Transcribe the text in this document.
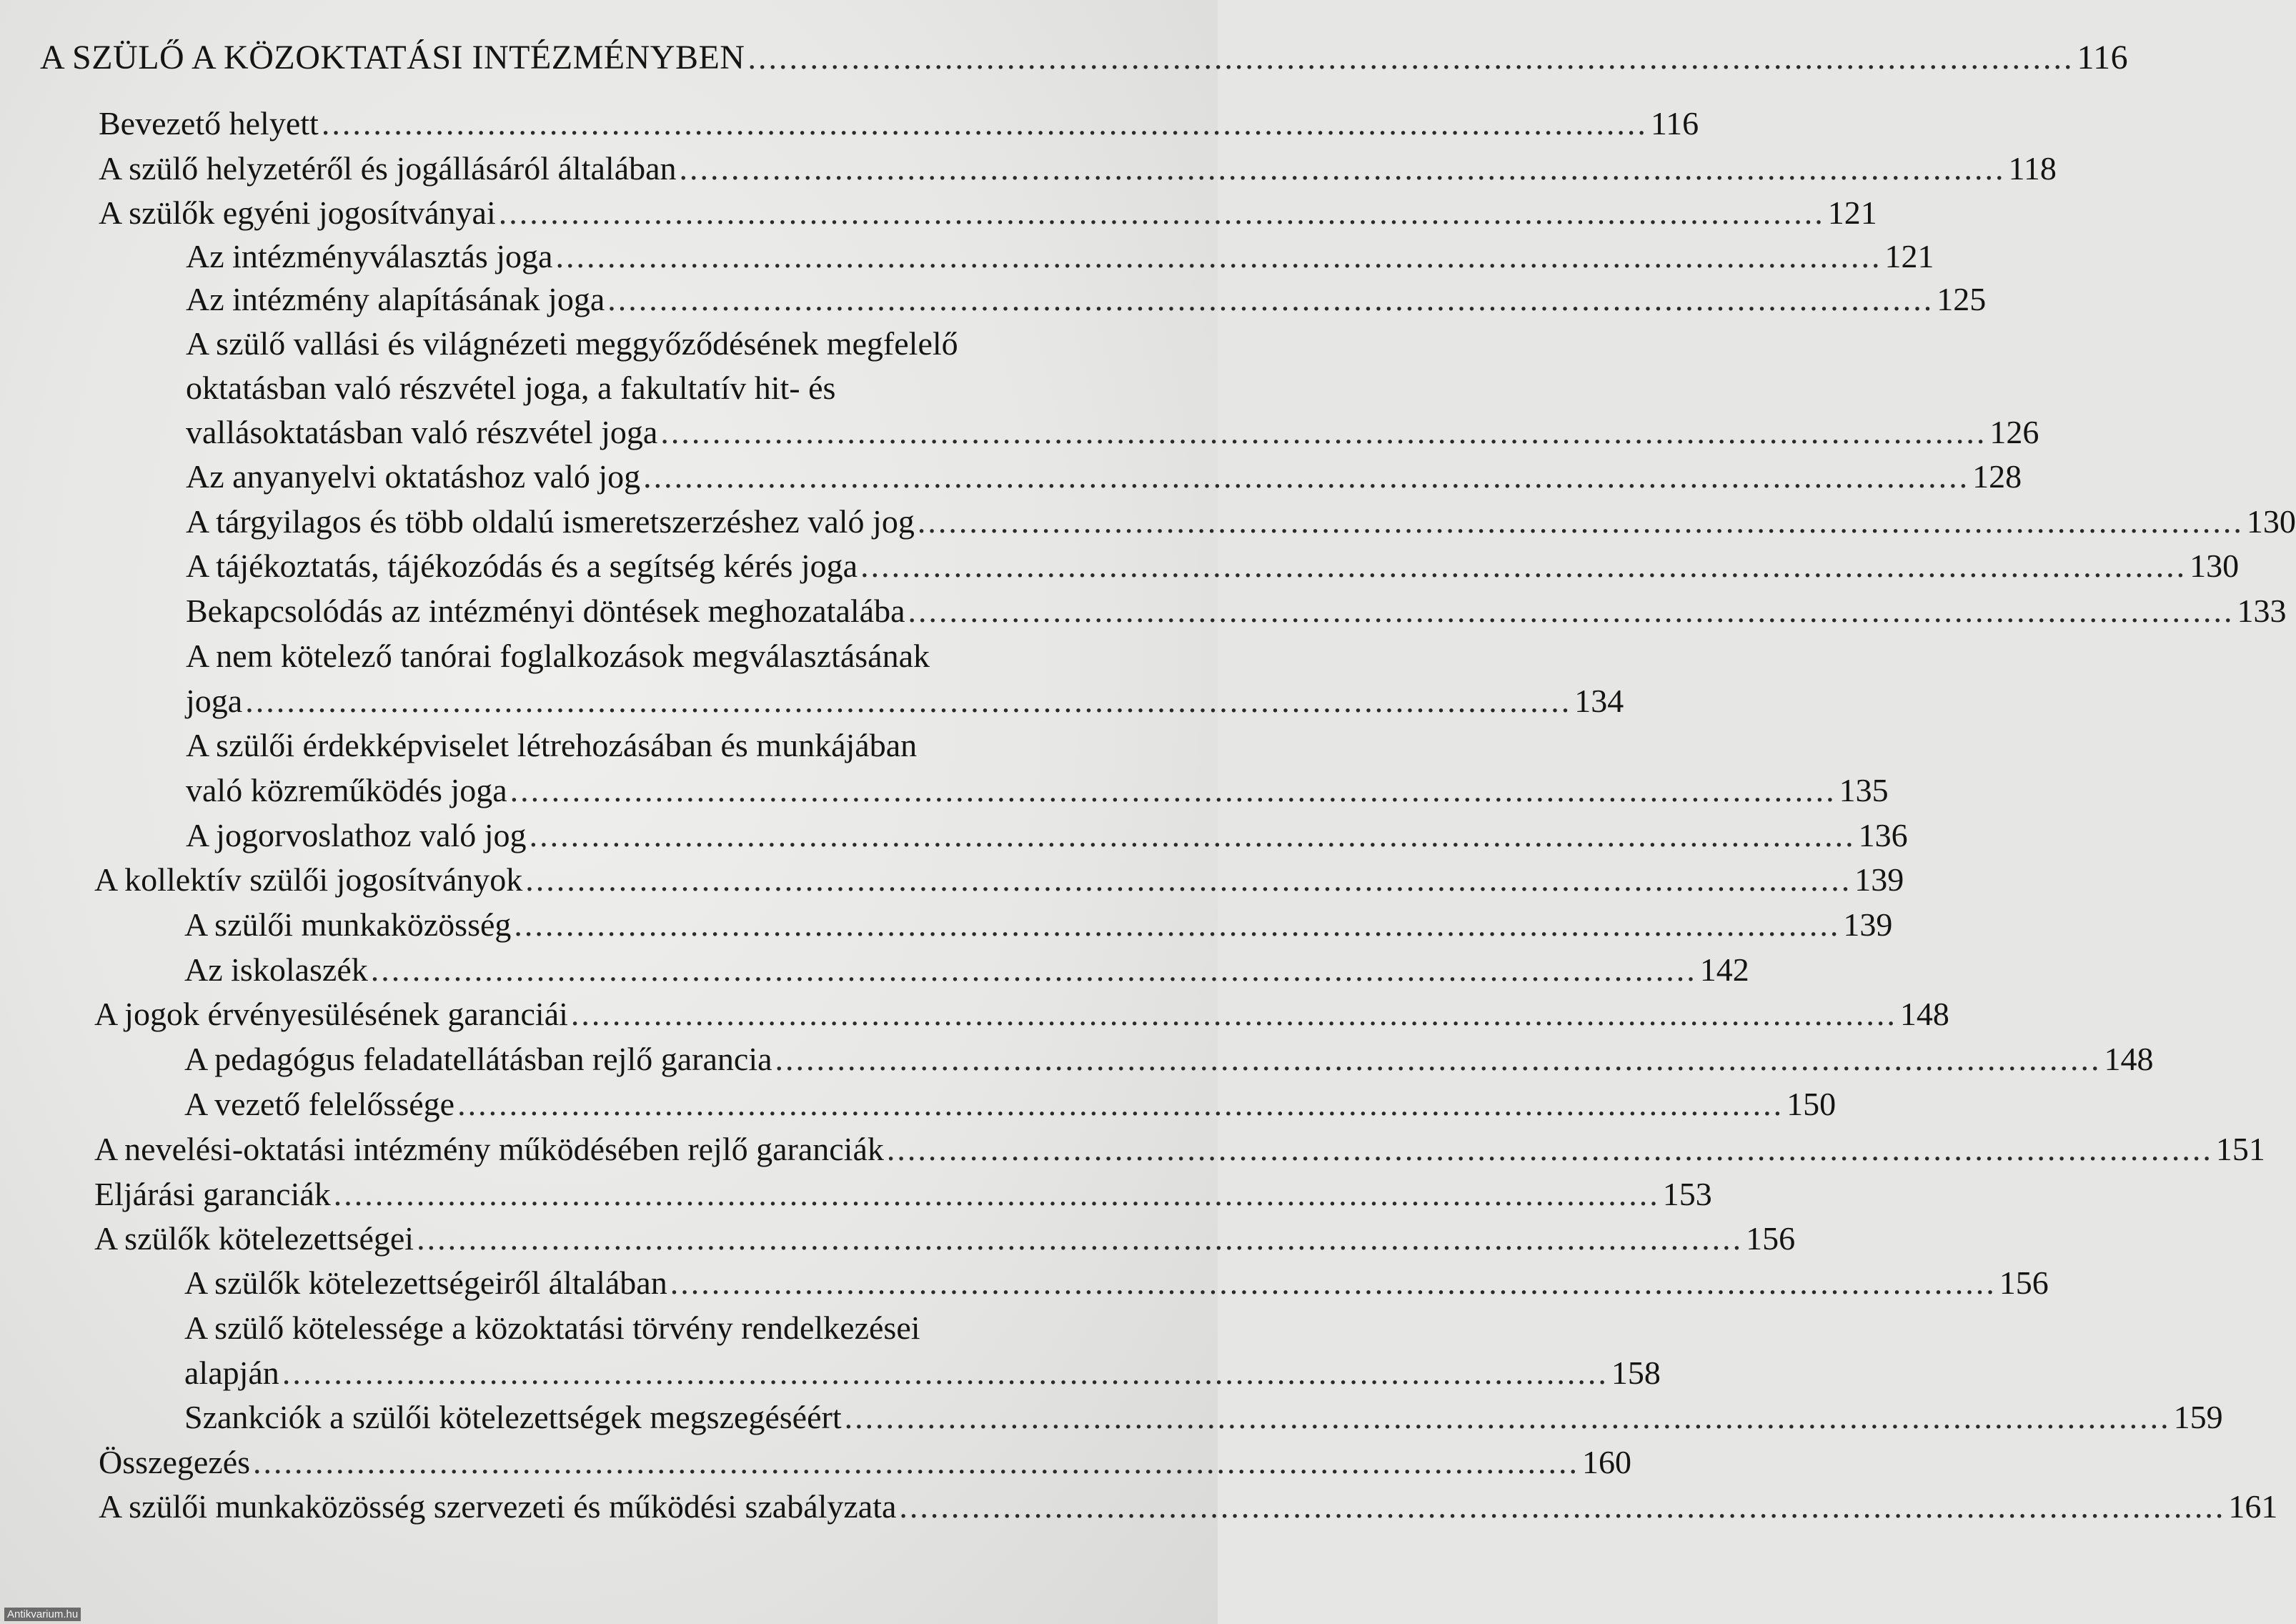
A SZÜLŐ A KÖZOKTATÁSI INTÉZMÉNYBEN ................................................................................................................................ 116
Bevezető helyett ................................................................................................................................ 116
A szülő helyzetéről és jogállásáról általában ................................................................................................................................ 118
A szülők egyéni jogosítványai ................................................................................................................................ 121
Az intézményválasztás joga ................................................................................................................................ 121
Az intézmény alapításának joga ................................................................................................................................ 125
A szülő vallási és világnézeti meggyőződésének megfelelő
oktatásban való részvétel joga, a fakultatív hit- és
vallásoktatásban való részvétel joga ................................................................................................................................ 126
Az anyanyelvi oktatáshoz való jog ................................................................................................................................ 128
A tárgyilagos és több oldalú ismeretszerzéshez való jog ................................................................................................................................ 130
A tájékoztatás, tájékozódás és a segítség kérés joga ................................................................................................................................ 130
Bekapcsolódás az intézményi döntések meghozatalába ................................................................................................................................ 133
A nem kötelező tanórai foglalkozások megválasztásának
joga ................................................................................................................................ 134
A szülői érdekképviselet létrehozásában és munkájában
való közreműködés joga ................................................................................................................................ 135
A jogorvoslathoz való jog ................................................................................................................................ 136
A kollektív szülői jogosítványok ................................................................................................................................ 139
A szülői munkaközösség ................................................................................................................................ 139
Az iskolaszék ................................................................................................................................ 142
A jogok érvényesülésének garanciái ................................................................................................................................ 148
A pedagógus feladatellátásban rejlő garancia ................................................................................................................................ 148
A vezető felelőssége ................................................................................................................................ 150
A nevelési-oktatási intézmény működésében rejlő garanciák ................................................................................................................................ 151
Eljárási garanciák ................................................................................................................................ 153
A szülők kötelezettségei ................................................................................................................................ 156
A szülők kötelezettségeiről általában ................................................................................................................................ 156
A szülő kötelessége a közoktatási törvény rendelkezései
alapján ................................................................................................................................ 158
Szankciók a szülői kötelezettségek megszegéséért ................................................................................................................................ 159
Összegezés ................................................................................................................................ 160
A szülői munkaközösség szervezeti és működési szabályzata ................................................................................................................................ 161
Antikvarium.hu
